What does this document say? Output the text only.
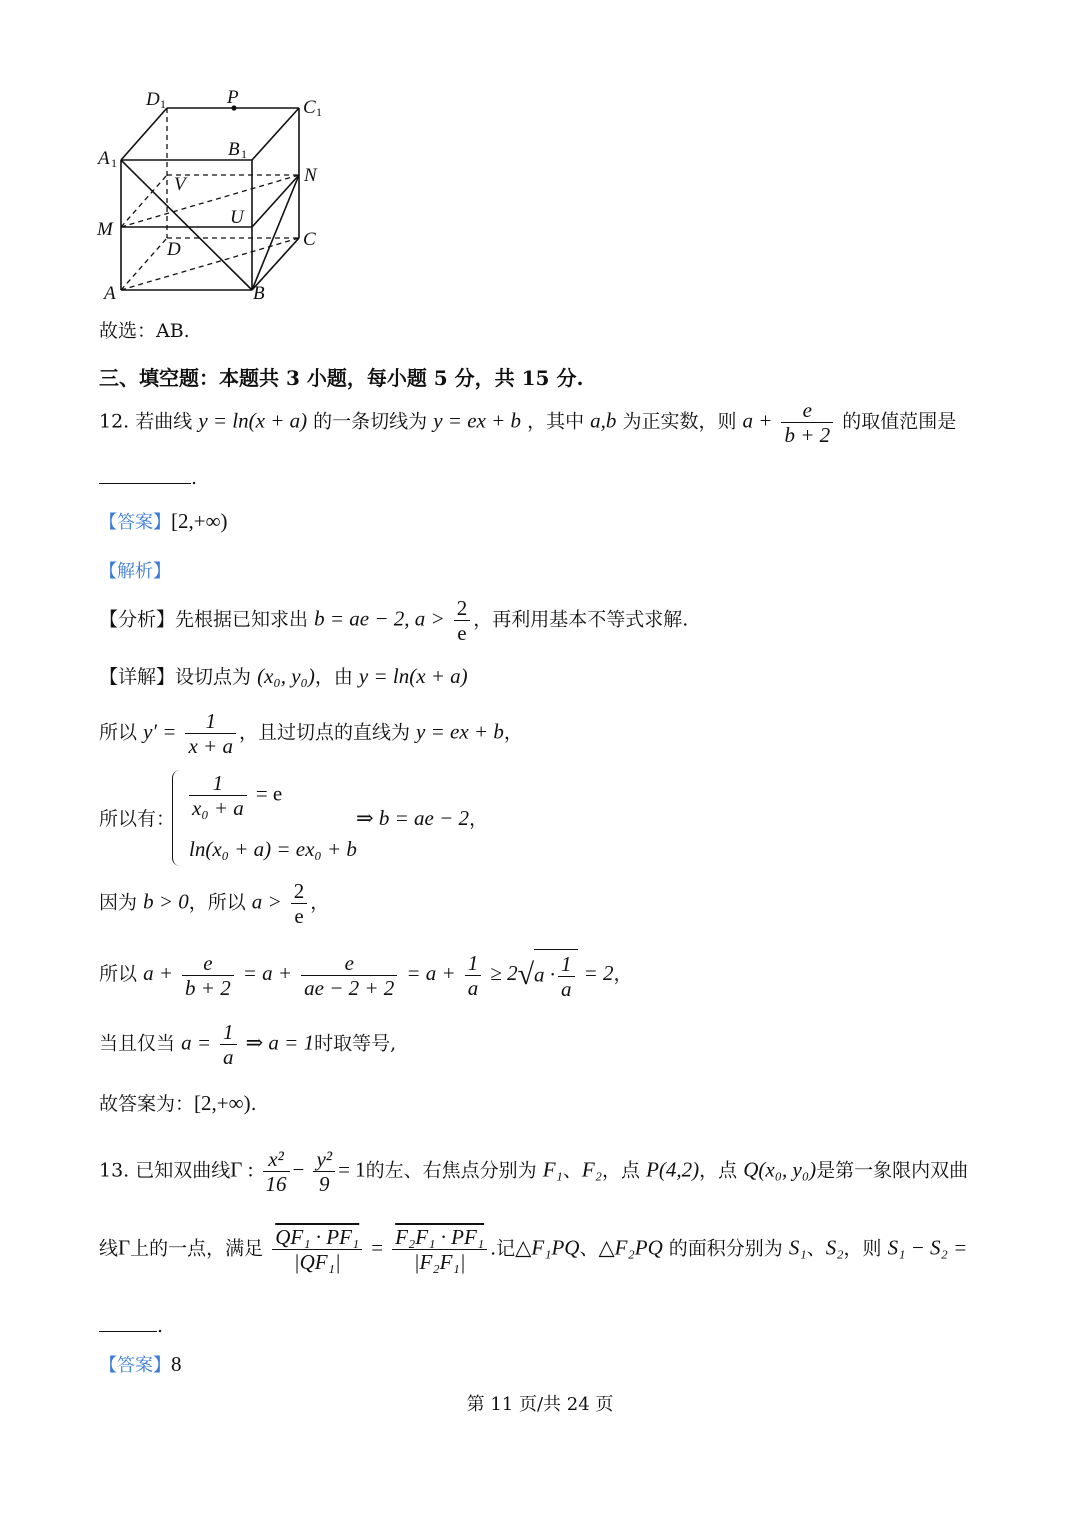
D 1	P	C 1
A 1
B 1
N
V
U
M
D	C
A	B
故选：AB.
三、填空题：本题共 3 小题，每小题 5 分，共 15 分.
12. 若曲线 y = ln(x + a) 的一条切线为 y = ex + b ，其中 a,b 为正实数，则 $a + \frac{e}{b + 2}$ 的取值范围是
.
【答案】[2,+∞)
【解析】
【分析】先根据已知求出 b = ae − 2, $a > \frac{2}{e}$ ，再利用基本不等式求解.
【详解】设切点为 (x₀, y₀)，由 y = ln(x + a)
所以 $y' = \frac{1}{x + a}$ ，且过切点的直线为 y = ex + b，
所以有： $\frac{1}{\text{x₀ + a}} = e$
ln(x₀ + a) = ex₀ + b
⇒ b = ae − 2，
因为 b > 0，所以 $a > \frac{2}{e}$ ，
所以 $a + \frac{e}{b + 2} = a + \frac{e}{ae - 2 + 2} = a + \frac{1}{a} \ge 2√a \cdot \frac{1}{a} = 2$，
当且仅当 $a = \frac{1}{a}$ ⇒ a = 1时取等号,
故答案为：[2,+∞).
13. 已知双曲线Γ : $\frac{\text{x²}}{16} - \frac{\text{y²}}{9} = 1$的左、右焦点分别为 F₁、F₂，点 P(4,2)，点 Q(x₀, y₀)是第一象限内双曲
线Γ上的一点，满足 $\frac{\text{QF₁ · PF₁}}{\text{|QF₁|}} = \frac{\text{F₂F₁ · PF₁}}{\text{|F₂F₁|}}$ .记△F₁PQ、△F₂PQ 的面积分别为 S₁、S₂，则 S₁ − S₂ =
.
【答案】8
第 11 页/共 24 页
